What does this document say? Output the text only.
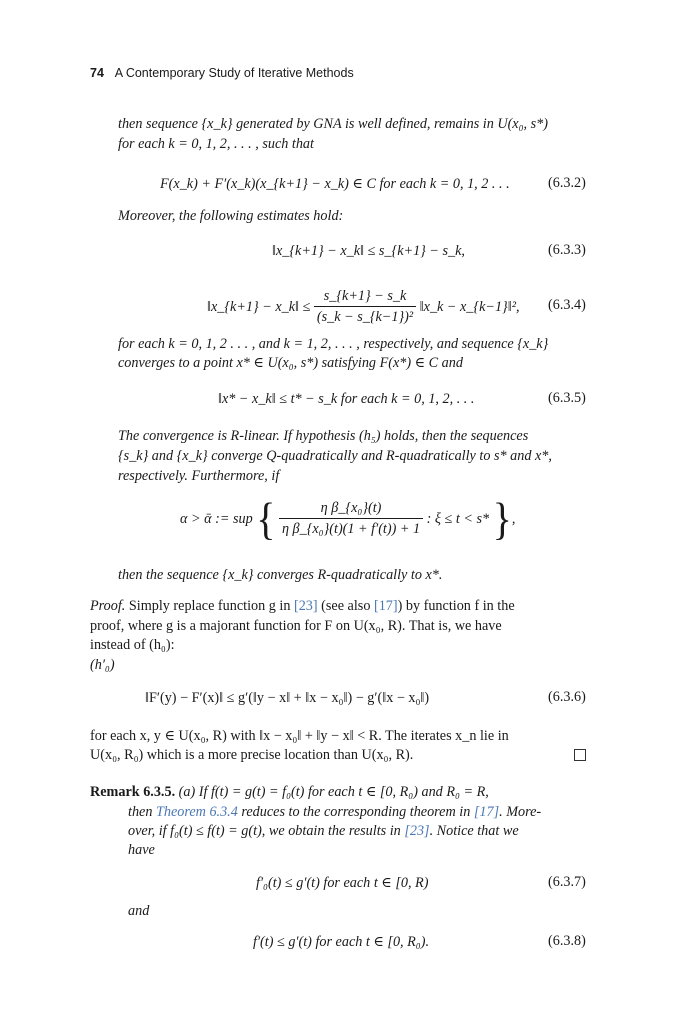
74 A Contemporary Study of Iterative Methods
then sequence {x_k} generated by GNA is well defined, remains in U(x₀, s*)
for each k = 0, 1, 2, . . . , such that
F(x_k) + F′(x_k)(x_{k+1} − x_k) ∈ C for each k = 0, 1, 2 . . .	(6.3.2)
Moreover, the following estimates hold:
‖x_{k+1} − x_k‖ ≤ s_{k+1} − s_k,	(6.3.3)
‖x_{k+1} − x_k‖ ≤ $\frac{s\_\{k+1\} - s\_k}{\text{(s\_k − s\_\{k−1\})²}}$ ‖x_k − x_{k−1}‖², (6.3.4)
for each k = 0, 1, 2 . . . , and k = 1, 2, . . . , respectively, and sequence {x_k}
converges to a point x* ∈ U(x₀, s*) satisfying F(x*) ∈ C and
‖x* − x_k‖ ≤ t* − s_k for each k = 0, 1, 2, . . .	(6.3.5)
The convergence is R-linear. If hypothesis (h₅) holds, then the sequences
{s_k} and {x_k} converge Q-quadratically and R-quadratically to s* and x*,
respectively. Furthermore, if
α > ᾱ := sup { $\frac{\text{η β\_\{x₀\}(t)}}{\text{η β\_\{x₀\}(t)(1 + f′(t)) + 1}}$ : ξ ≤ t < s* },
then the sequence {x_k} converges R-quadratically to x*.
Proof. Simply replace function g in [23] (see also [17]) by function f in the
proof, where g is a majorant function for F on U(x₀, R). That is, we have
instead of (h₀):
(h′₀)
‖F′(y) − F′(x)‖ ≤ g′(‖y − x‖ + ‖x − x₀‖) − g′(‖x − x₀‖)	(6.3.6)
for each x, y ∈ U(x₀, R) with ‖x − x₀‖ + ‖y − x‖ < R. The iterates x_n lie in
U(x₀, R₀) which is a more precise location than U(x₀, R).
Remark 6.3.5. (a) If f(t) = g(t) = f₀(t) for each t ∈ [0, R₀) and R₀ = R,
then Theorem 6.3.4 reduces to the corresponding theorem in [17]. More-
over, if f₀(t) ≤ f(t) = g(t), we obtain the results in [23]. Notice that we
have
f′₀(t) ≤ g′(t) for each t ∈ [0, R)	(6.3.7)
and
f′(t) ≤ g′(t) for each t ∈ [0, R₀).	(6.3.8)
